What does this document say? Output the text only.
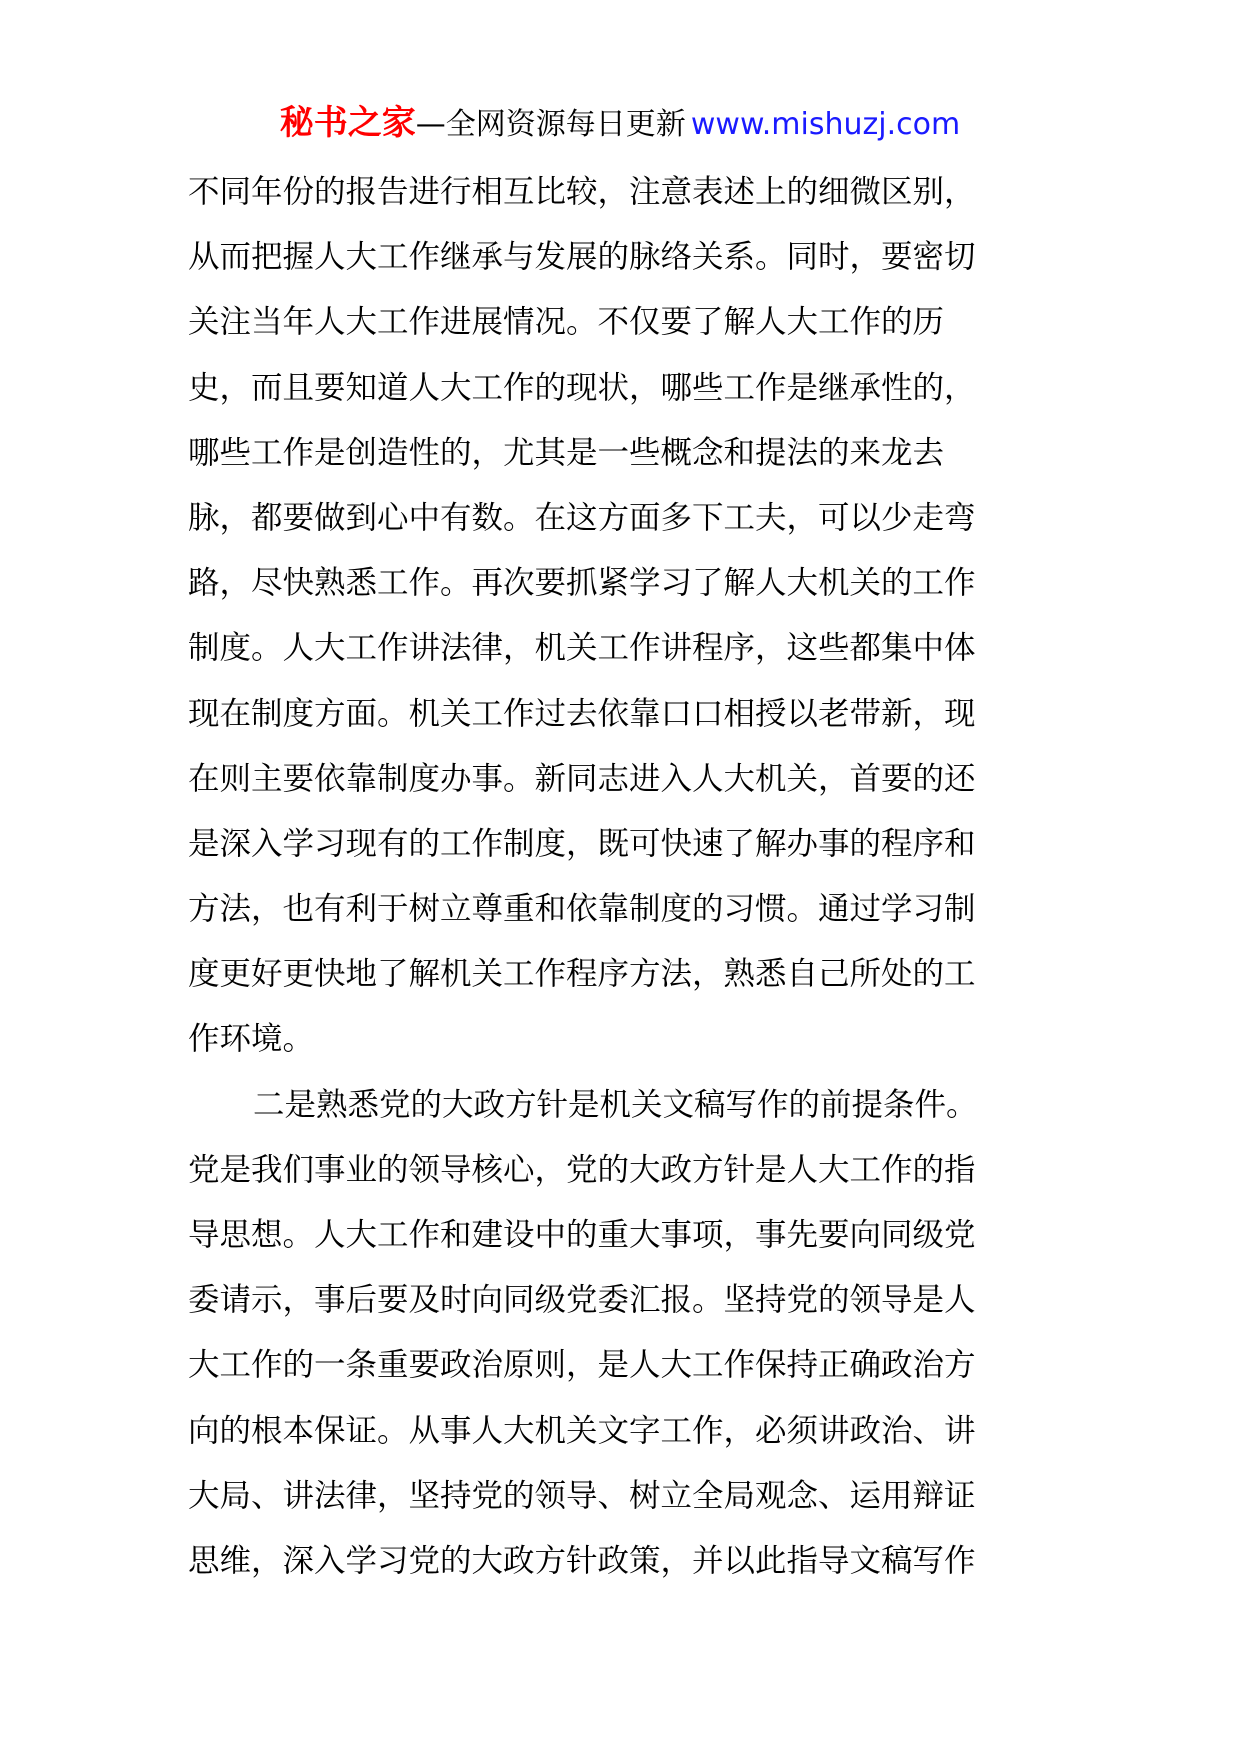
秘书之家—全网资源每日更新 www.mishuzj.com
不同年份的报告进行相互比较，注意表述上的细微区别，
从而把握人大工作继承与发展的脉络关系。同时，要密切
关注当年人大工作进展情况。不仅要了解人大工作的历
史，而且要知道人大工作的现状，哪些工作是继承性的，
哪些工作是创造性的，尤其是一些概念和提法的来龙去
脉，都要做到心中有数。在这方面多下工夫，可以少走弯
路，尽快熟悉工作。再次要抓紧学习了解人大机关的工作
制度。人大工作讲法律，机关工作讲程序，这些都集中体
现在制度方面。机关工作过去依靠口口相授以老带新，现
在则主要依靠制度办事。新同志进入人大机关，首要的还
是深入学习现有的工作制度，既可快速了解办事的程序和
方法，也有利于树立尊重和依靠制度的习惯。通过学习制
度更好更快地了解机关工作程序方法，熟悉自己所处的工
作环境。
二是熟悉党的大政方针是机关文稿写作的前提条件。
党是我们事业的领导核心，党的大政方针是人大工作的指
导思想。人大工作和建设中的重大事项，事先要向同级党
委请示，事后要及时向同级党委汇报。坚持党的领导是人
大工作的一条重要政治原则，是人大工作保持正确政治方
向的根本保证。从事人大机关文字工作，必须讲政治、讲
大局、讲法律，坚持党的领导、树立全局观念、运用辩证
思维，深入学习党的大政方针政策，并以此指导文稿写作
